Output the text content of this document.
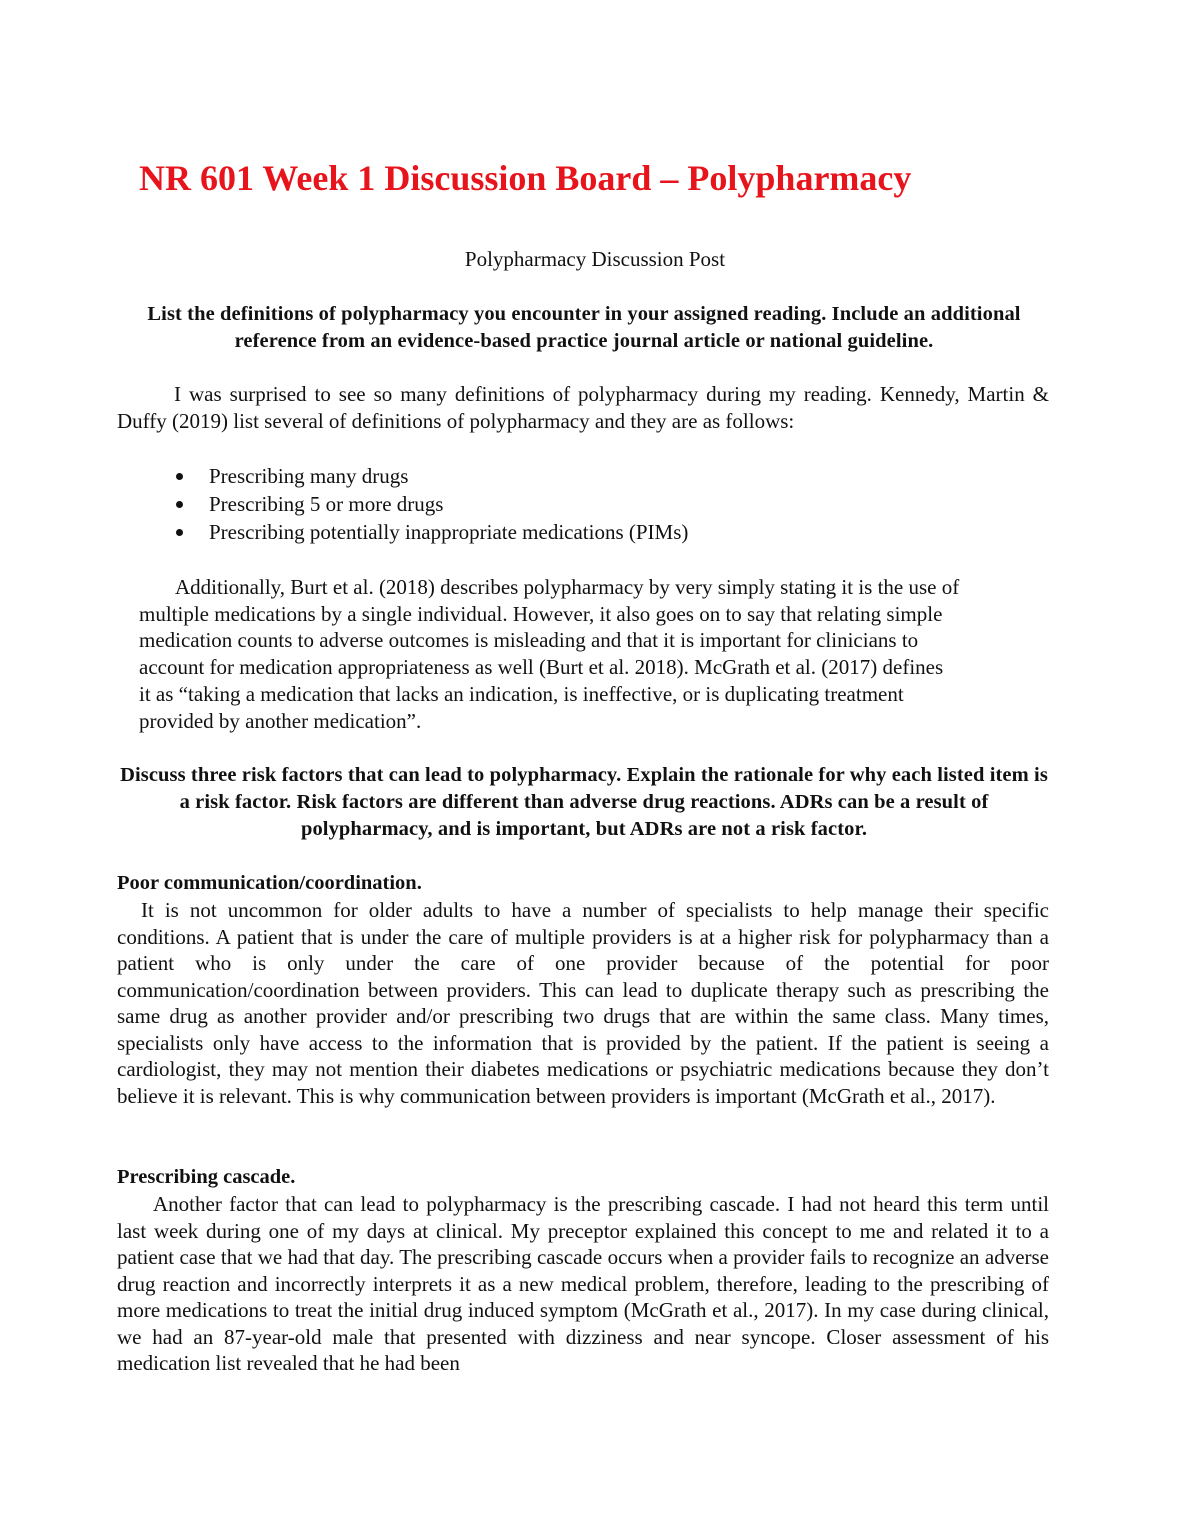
NR 601 Week 1 Discussion Board – Polypharmacy
Polypharmacy Discussion Post
List the definitions of polypharmacy you encounter in your assigned reading. Include an additional reference from an evidence-based practice journal article or national guideline.

I was surprised to see so many definitions of polypharmacy during my reading. Kennedy, Martin & Duffy (2019) list several of definitions of polypharmacy and they are as follows:

Prescribing many drugs
Prescribing 5 or more drugs
Prescribing potentially inappropriate medications (PIMs)
Additionally, Burt et al. (2018) describes polypharmacy by very simply stating it is the use of
multiple medications by a single individual. However, it also goes on to say that relating simple
medication counts to adverse outcomes is misleading and that it is important for clinicians to
account for medication appropriateness as well (Burt et al. 2018). McGrath et al. (2017) defines
it as “taking a medication that lacks an indication, is ineffective, or is duplicating treatment
provided by another medication”.
Discuss three risk factors that can lead to polypharmacy. Explain the rationale for why each listed item is a risk factor. Risk factors are different than adverse drug reactions. ADRs can be a result of polypharmacy, and is important, but ADRs are not a risk factor.
Poor communication/coordination.

It is not uncommon for older adults to have a number of specialists to help manage their specific conditions. A patient that is under the care of multiple providers is at a higher risk for polypharmacy than a patient who is only under the care of one provider because of the potential for poor communication/coordination between providers. This can lead to duplicate therapy such as prescribing the same drug as another provider and/or prescribing two drugs that are within the same class. Many times, specialists only have access to the information that is provided by the patient. If the patient is seeing a cardiologist, they may not mention their diabetes medications or psychiatric medications because they don’t believe it is relevant. This is why communication between providers is important (McGrath et al., 2017).

Prescribing cascade.

Another factor that can lead to polypharmacy is the prescribing cascade. I had not heard this term until last week during one of my days at clinical. My preceptor explained this concept to me and related it to a patient case that we had that day. The prescribing cascade occurs when a provider fails to recognize an adverse drug reaction and incorrectly interprets it as a new medical problem, therefore, leading to the prescribing of more medications to treat the initial drug induced symptom (McGrath et al., 2017). In my case during clinical, we had an 87-year-old male that presented with dizziness and near syncope. Closer assessment of his medication list revealed that he had been
